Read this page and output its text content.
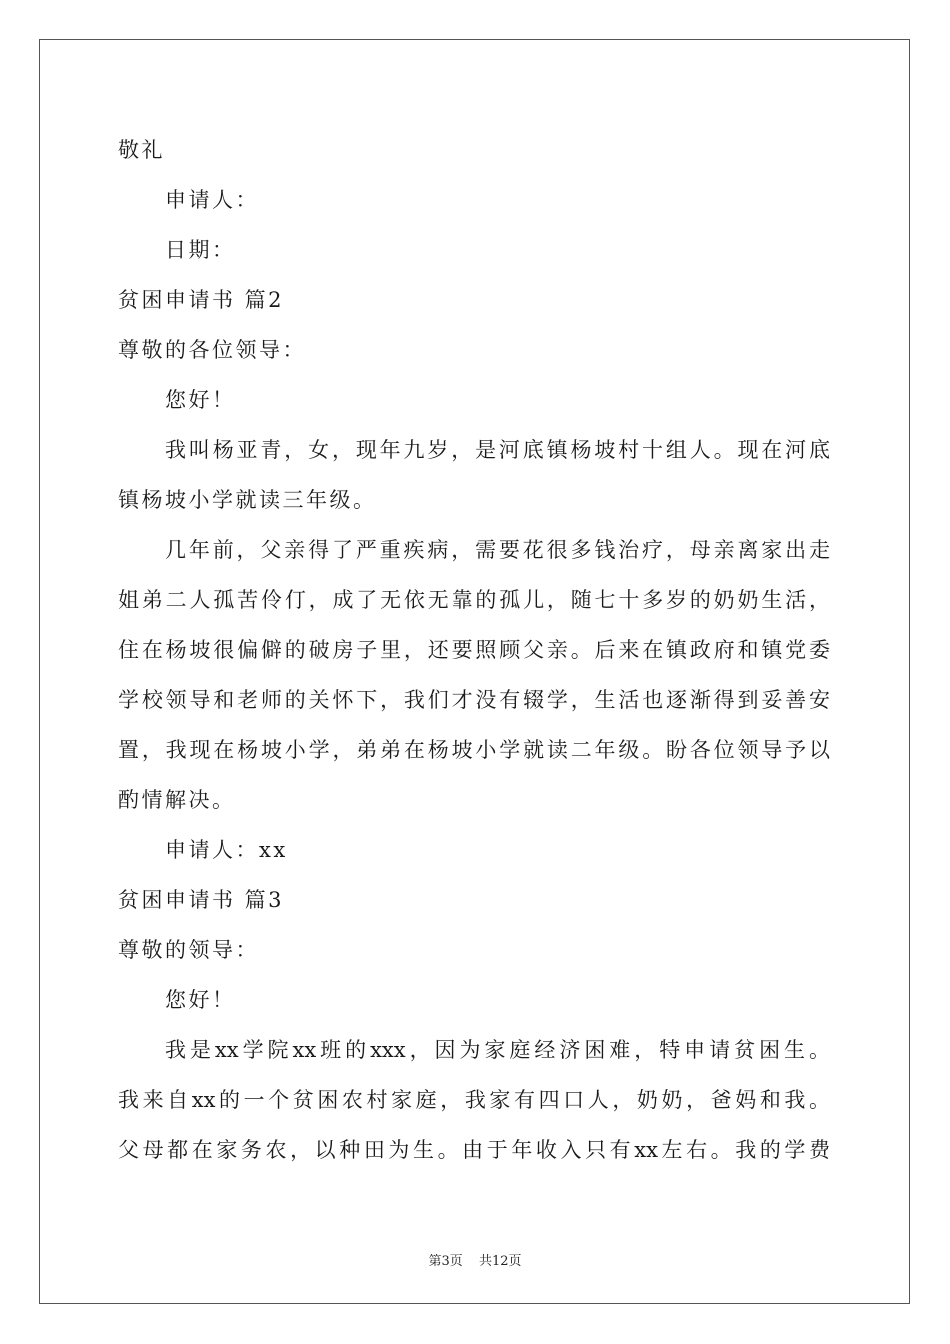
敬礼
申请人：
日期：
贫困申请书 篇2
尊敬的各位领导：
您好！
我叫杨亚青，女，现年九岁，是河底镇杨坡村十组人。现在河底
镇杨坡小学就读三年级。
几年前，父亲得了严重疾病，需要花很多钱治疗，母亲离家出走
姐弟二人孤苦伶仃，成了无依无靠的孤儿，随七十多岁的奶奶生活，
住在杨坡很偏僻的破房子里，还要照顾父亲。后来在镇政府和镇党委
学校领导和老师的关怀下，我们才没有辍学，生活也逐渐得到妥善安
置，我现在杨坡小学，弟弟在杨坡小学就读二年级。盼各位领导予以
酌情解决。
申请人：xx
贫困申请书 篇3
尊敬的领导：
您好！
我是xx学院xx班的xxx，因为家庭经济困难，特申请贫困生。
我来自xx的一个贫困农村家庭，我家有四口人，奶奶，爸妈和我。
父母都在家务农，以种田为生。由于年收入只有xx左右。我的学费
第3页 共12页
